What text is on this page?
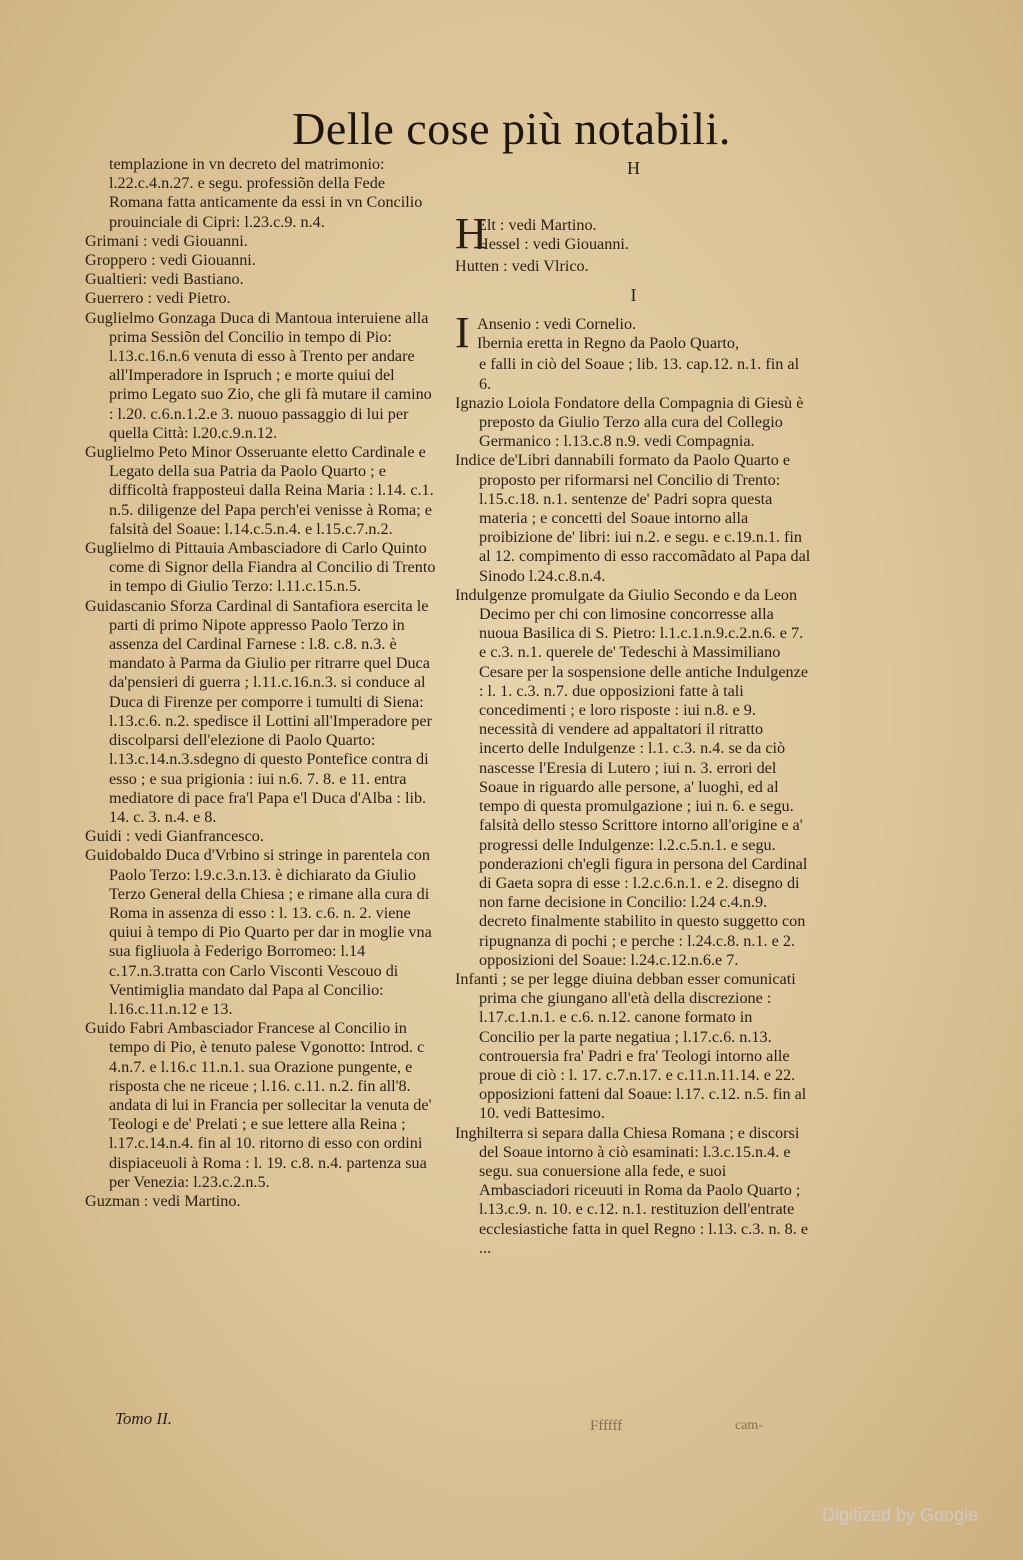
Delle cose più notabili.

templazione in vn decreto del matrimonio: l.22.c.4.n.27. e segu. professiõn della Fede Romana fatta anticamente da essi in vn Concilio prouinciale di Cipri: l.23.c.9. n.4.

Grimani : vedi Giouanni.

Groppero : vedi Giouanni.

Gualtieri: vedi Bastiano.

Guerrero : vedi Pietro.

Guglielmo Gonzaga Duca di Mantoua interuiene alla prima Sessiõn del Concilio in tempo di Pio: l.13.c.16.n.6 venuta di esso à Trento per andare all'Imperadore in Ispruch ; e morte quiui del primo Legato suo Zio, che gli fà mutare il camino : l.20. c.6.n.1.2.e 3. nuouo passaggio di lui per quella Città: l.20.c.9.n.12.

Guglielmo Peto Minor Osseruante eletto Cardinale e Legato della sua Patria da Paolo Quarto ; e difficoltà frapposteui dalla Reina Maria : l.14. c.1. n.5. diligenze del Papa perch'ei venisse à Roma; e falsità del Soaue: l.14.c.5.n.4. e l.15.c.7.n.2.

Guglielmo di Pittauia Ambasciadore di Carlo Quinto come di Signor della Fiandra al Concilio di Trento in tempo di Giulio Terzo: l.11.c.15.n.5.

Guidascanio Sforza Cardinal di Santafiora esercita le parti di primo Nipote appresso Paolo Terzo in assenza del Cardinal Farnese : l.8. c.8. n.3. è mandato à Parma da Giulio per ritrarre quel Duca da'pensieri di guerra ; l.11.c.16.n.3. si conduce al Duca di Firenze per comporre i tumulti di Siena: l.13.c.6. n.2. spedisce il Lottini all'Imperadore per discolparsi dell'elezione di Paolo Quarto: l.13.c.14.n.3.sdegno di questo Pontefice contra di esso ; e sua prigionia : iui n.6. 7. 8. e 11. entra mediatore di pace fra'l Papa e'l Duca d'Alba : lib. 14. c. 3. n.4. e 8.

Guidi : vedi Gianfrancesco.

Guidobaldo Duca d'Vrbino si stringe in parentela con Paolo Terzo: l.9.c.3.n.13. è dichiarato da Giulio Terzo General della Chiesa ; e rimane alla cura di Roma in assenza di esso : l. 13. c.6. n. 2. viene quiui à tempo di Pio Quarto per dar in moglie vna sua figliuola à Federigo Borromeo: l.14 c.17.n.3.tratta con Carlo Visconti Vescouo di Ventimiglia mandato dal Papa al Concilio: l.16.c.11.n.12 e 13.

Guido Fabri Ambasciador Francese al Concilio in tempo di Pio, è tenuto palese Vgonotto: Introd. c 4.n.7. e l.16.c 11.n.1. sua Orazione pungente, e risposta che ne riceue ; l.16. c.11. n.2. fin all'8. andata di lui in Francia per sollecitar la venuta de' Teologi e de' Prelati ; e sue lettere alla Reina ; l.17.c.14.n.4. fin al 10. ritorno di esso con ordini dispiaceuoli à Roma : l. 19. c.8. n.4. partenza sua per Venezia: l.23.c.2.n.5.

Guzman : vedi Martino.

H
H

Elt : vedi Martino.

Hessel : vedi Giouanni.

Hutten : vedi Vlrico.

I
I Ansenio : vedi Cornelio.

Ibernia eretta in Regno da Paolo Quarto,

e falli in ciò del Soaue ; lib. 13. cap.12. n.1. fin al 6.

Ignazio Loiola Fondatore della Compagnia di Giesù è preposto da Giulio Terzo alla cura del Collegio Germanico : l.13.c.8 n.9. vedi Compagnia.

Indice de'Libri dannabili formato da Paolo Quarto e proposto per riformarsi nel Concilio di Trento: l.15.c.18. n.1. sentenze de' Padri sopra questa materia ; e concetti del Soaue intorno alla proibizione de' libri: iui n.2. e segu. e c.19.n.1. fin al 12. compimento di esso raccomãdato al Papa dal Sinodo l.24.c.8.n.4.

Indulgenze promulgate da Giulio Secondo e da Leon Decimo per chi con limosine concorresse alla nuoua Basilica di S. Pietro: l.1.c.1.n.9.c.2.n.6. e 7. e c.3. n.1. querele de' Tedeschi à Massimiliano Cesare per la sospensione delle antiche Indulgenze : l. 1. c.3. n.7. due opposizioni fatte à tali concedimenti ; e loro risposte : iui n.8. e 9. necessità di vendere ad appaltatori il ritratto incerto delle Indulgenze : l.1. c.3. n.4. se da ciò nascesse l'Eresia di Lutero ; iui n. 3. errori del Soaue in riguardo alle persone, a' luoghi, ed al tempo di questa promulgazione ; iui n. 6. e segu. falsità dello stesso Scrittore intorno all'origine e a' progressi delle Indulgenze: l.2.c.5.n.1. e segu. ponderazioni ch'egli figura in persona del Cardinal di Gaeta sopra di esse : l.2.c.6.n.1. e 2. disegno di non farne decisione in Concilio: l.24 c.4.n.9. decreto finalmente stabilito in questo suggetto con ripugnanza di pochi ; e perche : l.24.c.8. n.1. e 2. opposizioni del Soaue: l.24.c.12.n.6.e 7.

Infanti ; se per legge diuina debban esser comunicati prima che giungano all'età della discrezione : l.17.c.1.n.1. e c.6. n.12. canone formato in Concilio per la parte negatiua ; l.17.c.6. n.13. controuersia fra' Padri e fra' Teologi intorno alle proue di ciò : l. 17. c.7.n.17. e c.11.n.11.14. e 22. opposizioni fatteni dal Soaue: l.17. c.12. n.5. fin al 10. vedi Battesimo.

Inghilterra si separa dalla Chiesa Romana ; e discorsi del Soaue intorno à ciò esaminati: l.3.c.15.n.4. e segu. sua conuersione alla fede, e suoi Ambasciadori riceuuti in Roma da Paolo Quarto ; l.13.c.9. n. 10. e c.12. n.1. restituzion dell'entrate ecclesiastiche fatta in quel Regno : l.13. c.3. n. 8. e ...

Tomo II.	Ffffff	cam-
Digitized by Google
